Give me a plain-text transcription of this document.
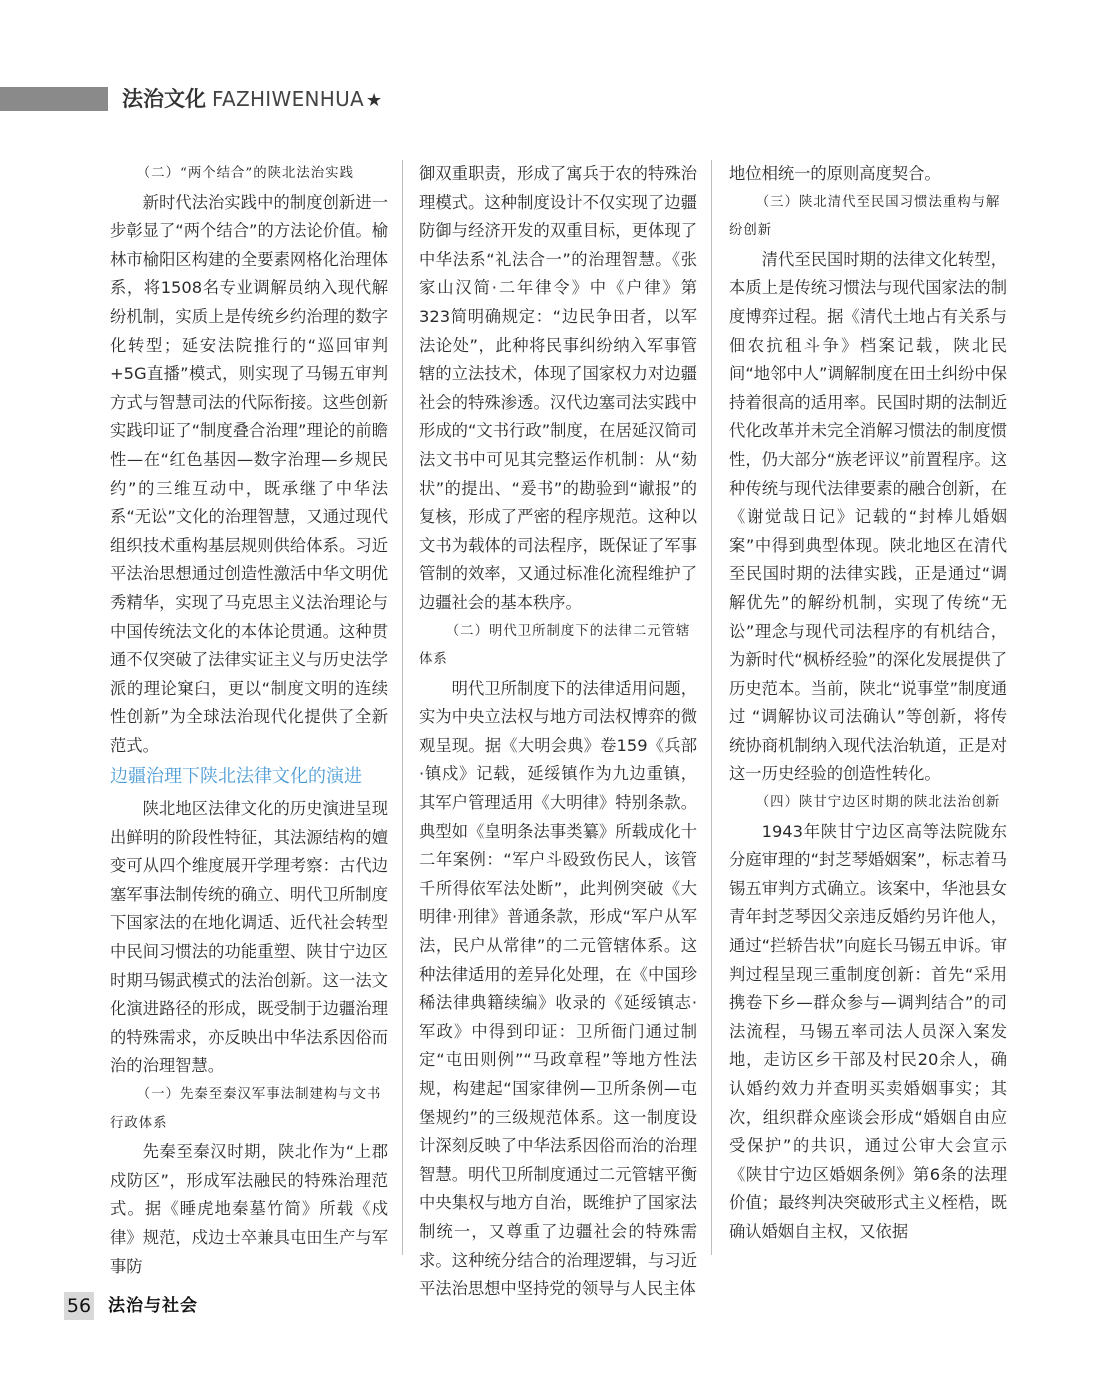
法治文化 FAZHIWENHUA ★

（二）“两个结合”的陕北法治实践

新时代法治实践中的制度创新进一步彰显了“两个结合”的方法论价值。榆林市榆阳区构建的全要素网格化治理体系，将1508名专业调解员纳入现代解纷机制，实质上是传统乡约治理的数字化转型；延安法院推行的“巡回审判+5G直播”模式，则实现了马锡五审判方式与智慧司法的代际衔接。这些创新实践印证了“制度叠合治理”理论的前瞻性—在“红色基因—数字治理—乡规民约”的三维互动中，既承继了中华法系“无讼”文化的治理智慧，又通过现代组织技术重构基层规则供给体系。习近平法治思想通过创造性激活中华文明优秀精华，实现了马克思主义法治理论与中国传统法文化的本体论贯通。这种贯通不仅突破了法律实证主义与历史法学派的理论窠臼，更以“制度文明的连续性创新”为全球法治现代化提供了全新范式。

边疆治理下陕北法律文化的演进

陕北地区法律文化的历史演进呈现出鲜明的阶段性特征，其法源结构的嬗变可从四个维度展开学理考察：古代边塞军事法制传统的确立、明代卫所制度下国家法的在地化调适、近代社会转型中民间习惯法的功能重塑、陕甘宁边区时期马锡武模式的法治创新。这一法文化演进路径的形成，既受制于边疆治理的特殊需求，亦反映出中华法系因俗而治的治理智慧。

（一）先秦至秦汉军事法制建构与文书行政体系

先秦至秦汉时期，陕北作为“上郡戍防区”，形成军法融民的特殊治理范式。据《睡虎地秦墓竹简》所载《戍律》规范，戍边士卒兼具屯田生产与军事防

御双重职责，形成了寓兵于农的特殊治理模式。这种制度设计不仅实现了边疆防御与经济开发的双重目标，更体现了中华法系“礼法合一”的治理智慧。《张家山汉简·二年律令》中《户律》第323简明确规定：“边民争田者，以军法论处”，此种将民事纠纷纳入军事管辖的立法技术，体现了国家权力对边疆社会的特殊渗透。汉代边塞司法实践中形成的“文书行政”制度，在居延汉简司法文书中可见其完整运作机制：从“劾状”的提出、“爰书”的勘验到“谳报”的复核，形成了严密的程序规范。这种以文书为载体的司法程序，既保证了军事管制的效率，又通过标准化流程维护了边疆社会的基本秩序。

（二）明代卫所制度下的法律二元管辖体系

明代卫所制度下的法律适用问题，实为中央立法权与地方司法权博弈的微观呈现。据《大明会典》卷159《兵部·镇戍》记载，延绥镇作为九边重镇，其军户管理适用《大明律》特别条款。典型如《皇明条法事类纂》所载成化十二年案例：“军户斗殴致伤民人，该管千所得依军法处断”，此判例突破《大明律·刑律》普通条款，形成“军户从军法，民户从常律”的二元管辖体系。这种法律适用的差异化处理，在《中国珍稀法律典籍续编》收录的《延绥镇志·军政》中得到印证：卫所衙门通过制定“屯田则例”“马政章程”等地方性法规，构建起“国家律例—卫所条例—屯堡规约”的三级规范体系。这一制度设计深刻反映了中华法系因俗而治的治理智慧。明代卫所制度通过二元管辖平衡中央集权与地方自治，既维护了国家法制统一，又尊重了边疆社会的特殊需求。这种统分结合的治理逻辑，与习近平法治思想中坚持党的领导与人民主体

地位相统一的原则高度契合。

（三）陕北清代至民国习惯法重构与解纷创新

清代至民国时期的法律文化转型，本质上是传统习惯法与现代国家法的制度博弈过程。据《清代土地占有关系与佃农抗租斗争》档案记载，陕北民间“地邻中人”调解制度在田土纠纷中保持着很高的适用率。民国时期的法制近代化改革并未完全消解习惯法的制度惯性，仍大部分“族老评议”前置程序。这种传统与现代法律要素的融合创新，在《谢觉哉日记》记载的“封棒儿婚姻案”中得到典型体现。陕北地区在清代至民国时期的法律实践，正是通过“调解优先”的解纷机制，实现了传统“无讼”理念与现代司法程序的有机结合，为新时代“枫桥经验”的深化发展提供了历史范本。当前，陕北“说事堂”制度通过 “调解协议司法确认”等创新，将传统协商机制纳入现代法治轨道，正是对这一历史经验的创造性转化。

（四）陕甘宁边区时期的陕北法治创新

1943年陕甘宁边区高等法院陇东分庭审理的“封芝琴婚姻案”，标志着马锡五审判方式确立。该案中，华池县女青年封芝琴因父亲违反婚约另许他人，通过“拦轿告状”向庭长马锡五申诉。审判过程呈现三重制度创新：首先“采用携卷下乡—群众参与—调判结合”的司法流程，马锡五率司法人员深入案发地，走访区乡干部及村民20余人，确认婚约效力并查明买卖婚姻事实；其次，组织群众座谈会形成“婚姻自由应受保护”的共识，通过公审大会宣示《陕甘宁边区婚姻条例》第6条的法理价值；最终判决突破形式主义桎梏，既确认婚姻自主权，又依据

56 法治与社会
